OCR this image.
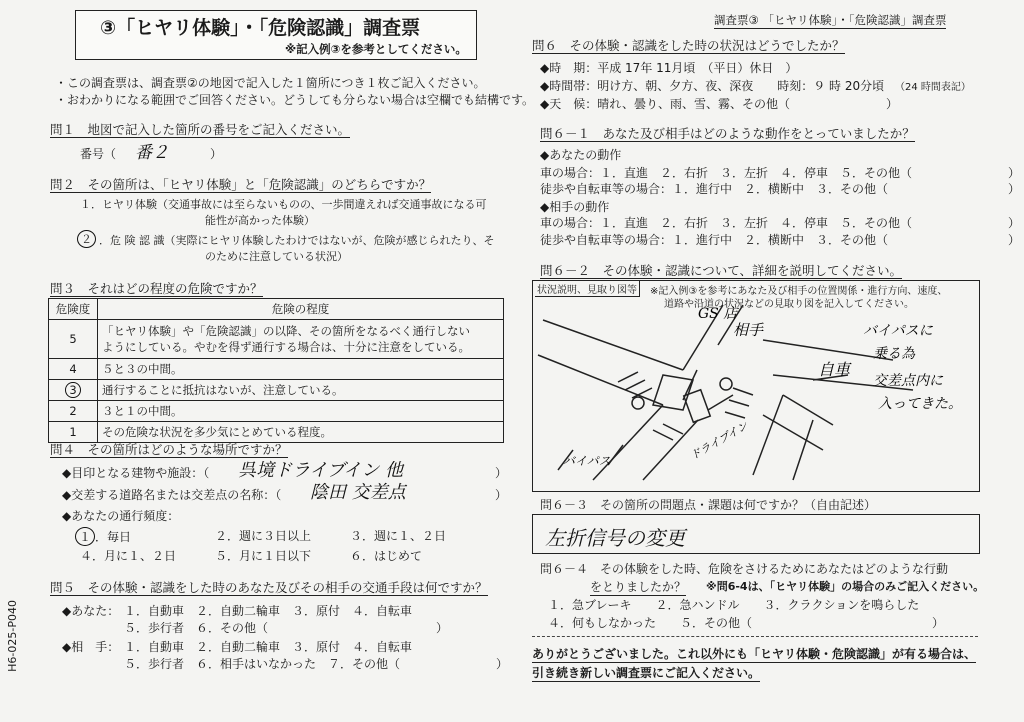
③「ヒヤリ体験」・「危険認識」調査票
※記入例③を参考としてください。
調査票③ 「ヒヤリ体験」・「危険認識」調査票
・この調査票は、調査票②の地図で記入した１箇所につき１枚ご記入ください。
・おわかりになる範囲でご回答ください。どうしても分らない場合は空欄でも結構です。
問１　地図で記入した箇所の番号をご記入ください。
番号（ 番２	）
問２　その箇所は、「ヒヤリ体験」と「危険認識」のどちらですか？
１．ヒヤリ体験（交通事故には至らないものの、一歩間違えれば交通事故になる可
能性が高かった体験）
２ ．危 険 認 識（実際にヒヤリ体験したわけではないが、危険が感じられたり、そ
のために注意している状況）
問３　それはどの程度の危険ですか？
危険度	危険の程度
5	「ヒヤリ体験」や「危険認識」の以降、その箇所をなるべく通行しない
ようにしている。やむを得ず通行する場合は、十分に注意をしている。

4	５と３の中間。
3	通行することに抵抗はないが、注意している。
2	３と１の中間。
1	その危険な状況を多少気にとめている程度。
問４　その箇所はどのような場所ですか？
◆目印となる建物や施設：（ 呉境ドライブイン 他	）
◆交差する道路名または交差点の名称：（ 陰田 交差点	）
◆あなたの通行頻度：
１ ．毎日	２．週に３日以上	３．週に１、２日
４．月に１、２日	５．月に１日以下	６．はじめて
問５　その体験・認識をした時のあなた及びその相手の交通手段は何ですか？
◆あなた： １．自動車　２．自動二輪車　３．原付　４．自転車
５．歩行者　６．その他（　　　　　　　　　　　　　　）
◆相　手： １．自動車　２．自動二輪車　３．原付　４．自転車
５．歩行者　６．相手はいなかった　７．その他（　　　　　　　　）
H6-025-P040
問６　その体験・認識をした時の状況はどうでしたか？
◆時　期：平成 17年 11月頃　（平日）休日　）
◆時間帯：明け方、朝、夕方、夜、深夜　　時刻：９ 時 20分頃 （24 時間表記）
◆天　候：晴れ、曇り、雨、雪、霧、その他（　　　　　　　　）
問６－１　あなた及び相手はどのような動作をとっていましたか？
◆あなたの動作
車の場合：１．直進　２．右折　３．左折　４．停車　５．その他（　　　　　　　　）
徒歩や自転車等の場合：１．進行中　２．横断中　３．その他（　　　　　　　　　　）
◆相手の動作
車の場合：１．直進　２．右折　３．左折　４．停車　５．その他（　　　　　　　　）
徒歩や自転車等の場合：１．進行中　２．横断中　３．その他（　　　　　　　　　　）
問６－２　その体験・認識について、詳細を説明してください。
状況説明、見取り図等	※記入例③を参考にあなた及び相手の位置関係・進行方向、速度、
道路や沿道の状況などの見取り図を記入してください。
GS 店
相手
自車
バイパスに
乗る為
交差点内に
入ってきた。
バイパス	ドライブイン
問６－３　その箇所の問題点・課題は何ですか？（自由記述）
左折信号の変更
問６－４　その体験をした時、危険をさけるためにあなたはどのような行動
をとりましたか？ ※問6-4は、「ヒヤリ体験」の場合のみご記入ください。
１．急ブレーキ　　２．急ハンドル　　３．クラクションを鳴らした
４．何もしなかった　　５．その他（　　　　　　　　　　　　　　　）
ありがとうございました。これ以外にも「ヒヤリ体験・危険認識」が有る場合は、
引き続き新しい調査票にご記入ください。
